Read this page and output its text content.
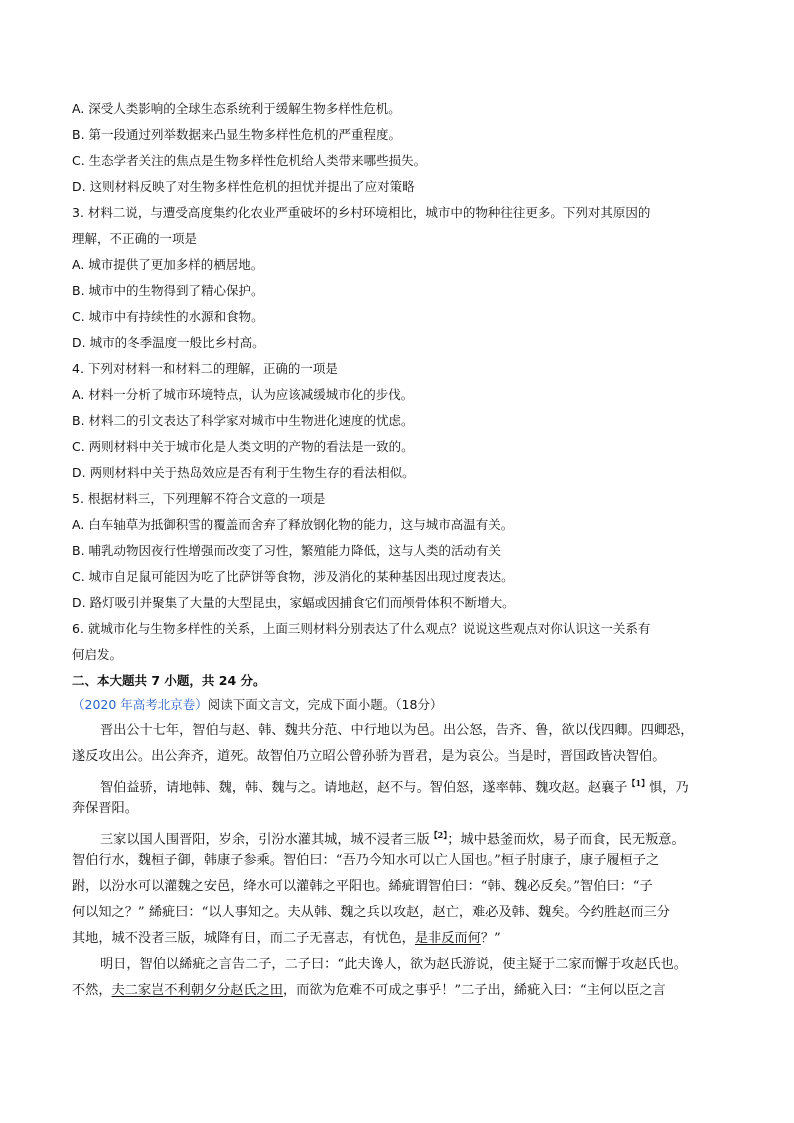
A. 深受人类影响的全球生态系统利于缓解生物多样性危机。
B. 第一段通过列举数据来凸显生物多样性危机的严重程度。
C. 生态学者关注的焦点是生物多样性危机给人类带来哪些损失。
D. 这则材料反映了对生物多样性危机的担忧并提出了应对策略
3. 材料二说，与遭受高度集约化农业严重破坏的乡村环境相比，城市中的物种往往更多。下列对其原因的
理解，不正确的一项是
A. 城市提供了更加多样的栖居地。
B. 城市中的生物得到了精心保护。
C. 城市中有持续性的水源和食物。
D. 城市的冬季温度一般比乡村高。
4. 下列对材料一和材料二的理解，正确的一项是
A. 材料一分析了城市环境特点，认为应该减缓城市化的步伐。
B. 材料二的引文表达了科学家对城市中生物进化速度的忧虑。
C. 两则材料中关于城市化是人类文明的产物的看法是一致的。
D. 两则材料中关于热岛效应是否有利于生物生存的看法相似。
5. 根据材料三，下列理解不符合文意的一项是
A. 白车轴草为抵御积雪的覆盖而舍弃了释放钢化物的能力，这与城市高温有关。
B. 哺乳动物因夜行性增强而改变了习性，繁殖能力降低，这与人类的活动有关
C. 城市自足鼠可能因为吃了比萨饼等食物，涉及消化的某种基因出现过度表达。
D. 路灯吸引并聚集了大量的大型昆虫，家蝠或因捕食它们而颅骨体积不断增大。
6. 就城市化与生物多样性的关系，上面三则材料分别表达了什么观点？说说这些观点对你认识这一关系有
何启发。
二、本大题共 7 小题，共 24 分。
（2020 年高考北京卷）阅读下面文言文，完成下面小题。（18分）
晋出公十七年，智伯与赵、韩、魏共分范、中行地以为邑。出公怒，告齐、鲁，欲以伐四卿。四卿恐，
遂反攻出公。出公奔齐，道死。故智伯乃立昭公曾孙骄为晋君，是为哀公。当是时，晋国政皆决智伯。
智伯益骄，请地韩、魏，韩、魏与之。请地赵，赵不与。智伯怒，遂率韩、魏攻赵。赵襄子$^{【1】}$惧，乃
奔保晋阳。
三家以国人围晋阳，岁余，引汾水灌其城，城不浸者三版$^{【2】}$；城中悬釜而炊，易子而食，民无叛意。
智伯行水，魏桓子御，韩康子参乘。智伯曰：“吾乃今知水可以亡人国也。”桓子肘康子，康子履桓子之
跗，以汾水可以灌魏之安邑，绛水可以灌韩之平阳也。絺疵谓智伯曰：“韩、魏必反矣。”智伯曰：“子
何以知之？” 絺疵曰：“以人事知之。夫从韩、魏之兵以攻赵，赵亡，难必及韩、魏矣。今约胜赵而三分
其地，城不没者三版，城降有日，而二子无喜志，有忧色，是非反而何？”
明日，智伯以絺疵之言告二子，二子曰：“此夫谗人，欲为赵氏游说，使主疑于二家而懈于攻赵氏也。
不然，夫二家岂不利朝夕分赵氏之田，而欲为危难不可成之事乎！”二子出，絺疵入曰：“主何以臣之言
